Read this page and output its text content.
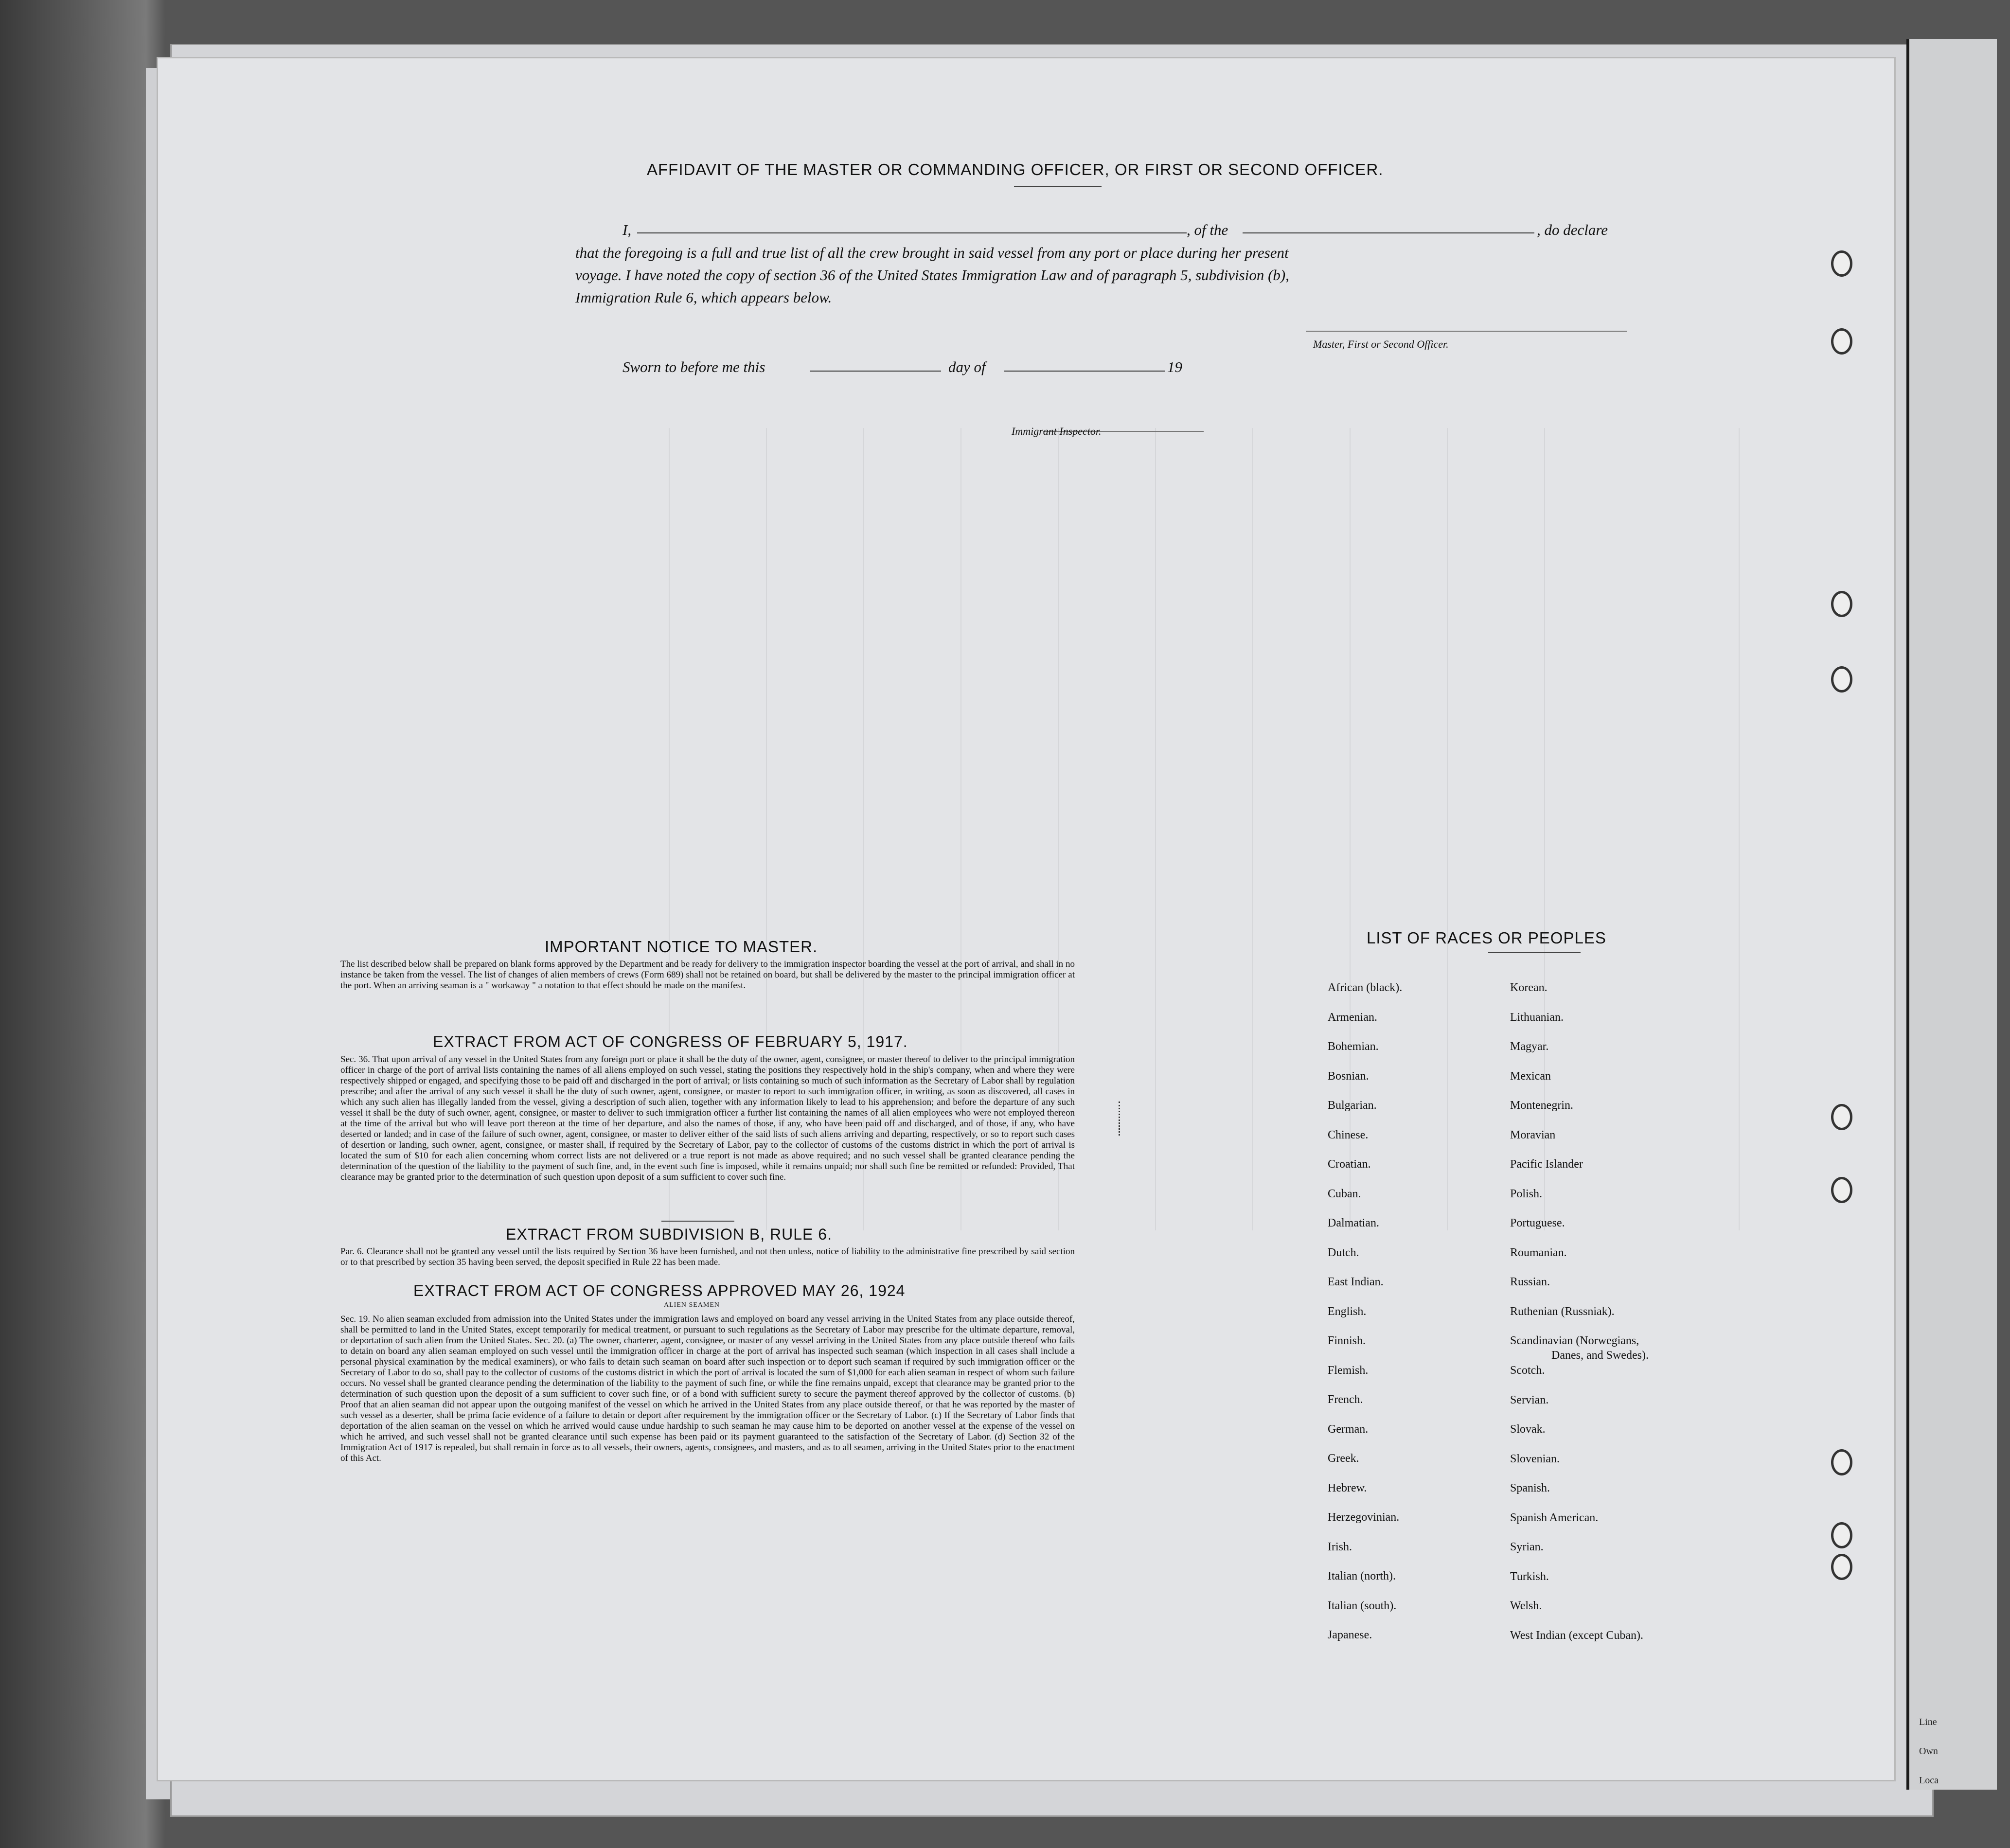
Line
Own
Loca
AFFIDAVIT OF THE MASTER OR COMMANDING OFFICER, OR FIRST OR SECOND OFFICER.
I,	, of the	, do declare
that the foregoing is a full and true list of all the crew brought in said vessel from any port or place during her present
voyage. I have noted the copy of section 36 of the United States Immigration Law and of paragraph 5, subdivision (b),
Immigration Rule 6, which appears below.
Master, First or Second Officer.
Sworn to before me this	day of	19
Immigrant Inspector.
IMPORTANT NOTICE TO MASTER.
The list described below shall be prepared on blank forms approved by the Department and be ready for delivery to the immigration inspector boarding the vessel at the port of arrival, and shall in no instance be taken from the vessel. The list of changes of alien members of crews (Form 689) shall not be retained on board, but shall be delivered by the master to the principal immigration officer at the port. When an arriving seaman is a " workaway " a notation to that effect should be made on the manifest.
EXTRACT FROM ACT OF CONGRESS OF FEBRUARY 5, 1917.
Sec. 36. That upon arrival of any vessel in the United States from any foreign port or place it shall be the duty of the owner, agent, consignee, or master thereof to deliver to the principal immigration officer in charge of the port of arrival lists containing the names of all aliens employed on such vessel, stating the positions they respectively hold in the ship's company, when and where they were respectively shipped or engaged, and specifying those to be paid off and discharged in the port of arrival; or lists containing so much of such information as the Secretary of Labor shall by regulation prescribe; and after the arrival of any such vessel it shall be the duty of such owner, agent, consignee, or master to report to such immigration officer, in writing, as soon as discovered, all cases in which any such alien has illegally landed from the vessel, giving a description of such alien, together with any information likely to lead to his apprehension; and before the departure of any such vessel it shall be the duty of such owner, agent, consignee, or master to deliver to such immigration officer a further list containing the names of all alien employees who were not employed thereon at the time of the arrival but who will leave port thereon at the time of her departure, and also the names of those, if any, who have been paid off and discharged, and of those, if any, who have deserted or landed; and in case of the failure of such owner, agent, consignee, or master to deliver either of the said lists of such aliens arriving and departing, respectively, or so to report such cases of desertion or landing, such owner, agent, consignee, or master shall, if required by the Secretary of Labor, pay to the collector of customs of the customs district in which the port of arrival is located the sum of $10 for each alien concerning whom correct lists are not delivered or a true report is not made as above required; and no such vessel shall be granted clearance pending the determination of the question of the liability to the payment of such fine, and, in the event such fine is imposed, while it remains unpaid; nor shall such fine be remitted or refunded: Provided, That clearance may be granted prior to the determination of such question upon deposit of a sum sufficient to cover such fine.
EXTRACT FROM SUBDIVISION B, RULE 6.
Par. 6. Clearance shall not be granted any vessel until the lists required by Section 36 have been furnished, and not then unless, notice of liability to the administrative fine prescribed by said section or to that prescribed by section 35 having been served, the deposit specified in Rule 22 has been made.
EXTRACT FROM ACT OF CONGRESS APPROVED MAY 26, 1924
ALIEN SEAMEN
Sec. 19. No alien seaman excluded from admission into the United States under the immigration laws and employed on board any vessel arriving in the United States from any place outside thereof, shall be permitted to land in the United States, except temporarily for medical treatment, or pursuant to such regulations as the Secretary of Labor may prescribe for the ultimate departure, removal, or deportation of such alien from the United States. Sec. 20. (a) The owner, charterer, agent, consignee, or master of any vessel arriving in the United States from any place outside thereof who fails to detain on board any alien seaman employed on such vessel until the immigration officer in charge at the port of arrival has inspected such seaman (which inspection in all cases shall include a personal physical examination by the medical examiners), or who fails to detain such seaman on board after such inspection or to deport such seaman if required by such immigration officer or the Secretary of Labor to do so, shall pay to the collector of customs of the customs district in which the port of arrival is located the sum of $1,000 for each alien seaman in respect of whom such failure occurs. No vessel shall be granted clearance pending the determination of the liability to the payment of such fine, or while the fine remains unpaid, except that clearance may be granted prior to the determination of such question upon the deposit of a sum sufficient to cover such fine, or of a bond with sufficient surety to secure the payment thereof approved by the collector of customs. (b) Proof that an alien seaman did not appear upon the outgoing manifest of the vessel on which he arrived in the United States from any place outside thereof, or that he was reported by the master of such vessel as a deserter, shall be prima facie evidence of a failure to detain or deport after requirement by the immigration officer or the Secretary of Labor. (c) If the Secretary of Labor finds that deportation of the alien seaman on the vessel on which he arrived would cause undue hardship to such seaman he may cause him to be deported on another vessel at the expense of the vessel on which he arrived, and such vessel shall not be granted clearance until such expense has been paid or its payment guaranteed to the satisfaction of the Secretary of Labor. (d) Section 32 of the Immigration Act of 1917 is repealed, but shall remain in force as to all vessels, their owners, agents, consignees, and masters, and as to all seamen, arriving in the United States prior to the enactment of this Act.
LIST OF RACES OR PEOPLES
African (black).
Armenian.
Bohemian.
Bosnian.
Bulgarian.
Chinese.
Croatian.
Cuban.
Dalmatian.
Dutch.
East Indian.
English.
Finnish.
Flemish.
French.
German.
Greek.
Hebrew.
Herzegovinian.
Irish.
Italian (north).
Italian (south).
Japanese.
Korean.
Lithuanian.
Magyar.
Mexican
Montenegrin.
Moravian
Pacific Islander
Polish.
Portuguese.
Roumanian.
Russian.
Ruthenian (Russniak).
Scandinavian (Norwegians,
Danes, and Swedes).
Scotch.
Servian.
Slovak.
Slovenian.
Spanish.
Spanish American.
Syrian.
Turkish.
Welsh.
West Indian (except Cuban).
